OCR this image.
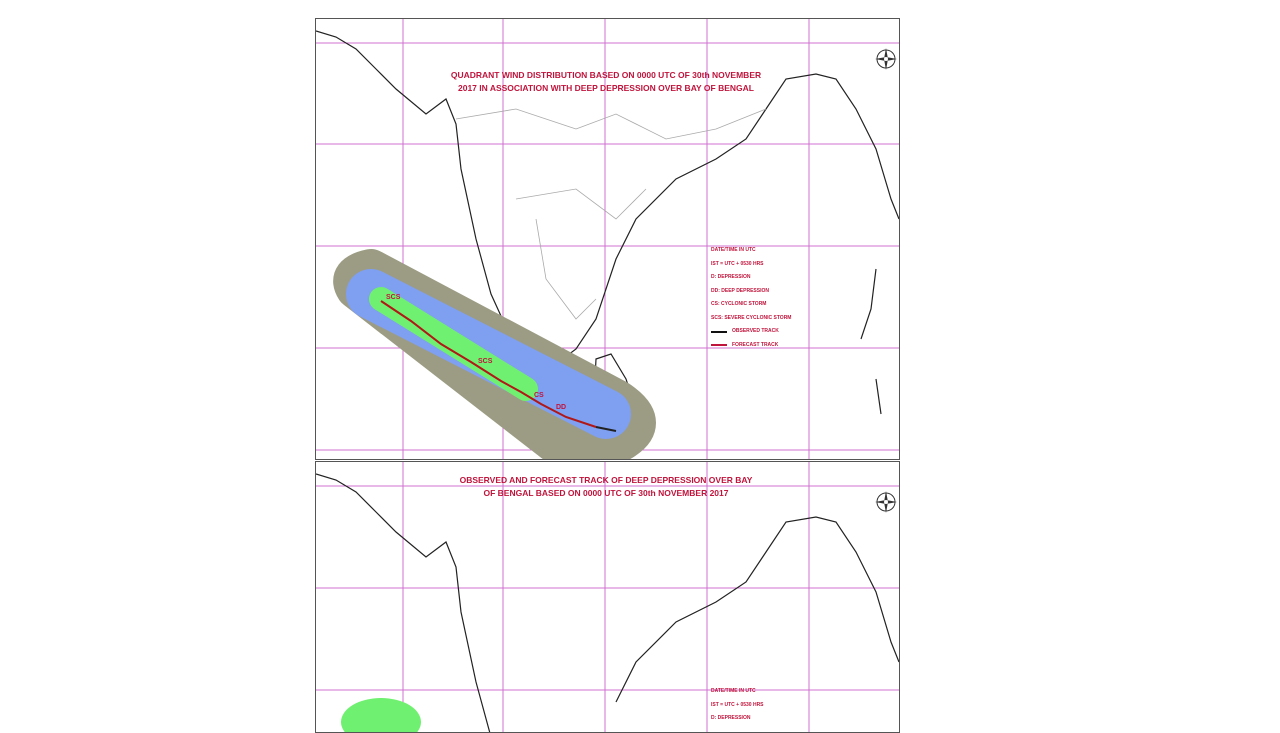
SCS
SCS
CS
DD
QUADRANT WIND DISTRIBUTION BASED ON 0000 UTC OF 30th NOVEMBER
2017 IN ASSOCIATION WITH DEEP DEPRESSION OVER BAY OF BENGAL
DATE/TIME IN UTC
IST = UTC + 0530 HRS
D: DEPRESSION
DD: DEEP DEPRESSION
CS: CYCLONIC STORM
SCS: SEVERE CYCLONIC STORM
OBSERVED TRACK
FORECAST TRACK
OBSERVED AND FORECAST TRACK OF DEEP DEPRESSION OVER BAY
OF BENGAL BASED ON 0000 UTC OF 30th NOVEMBER 2017
DATE/TIME IN UTC
IST = UTC + 0530 HRS
D: DEPRESSION
